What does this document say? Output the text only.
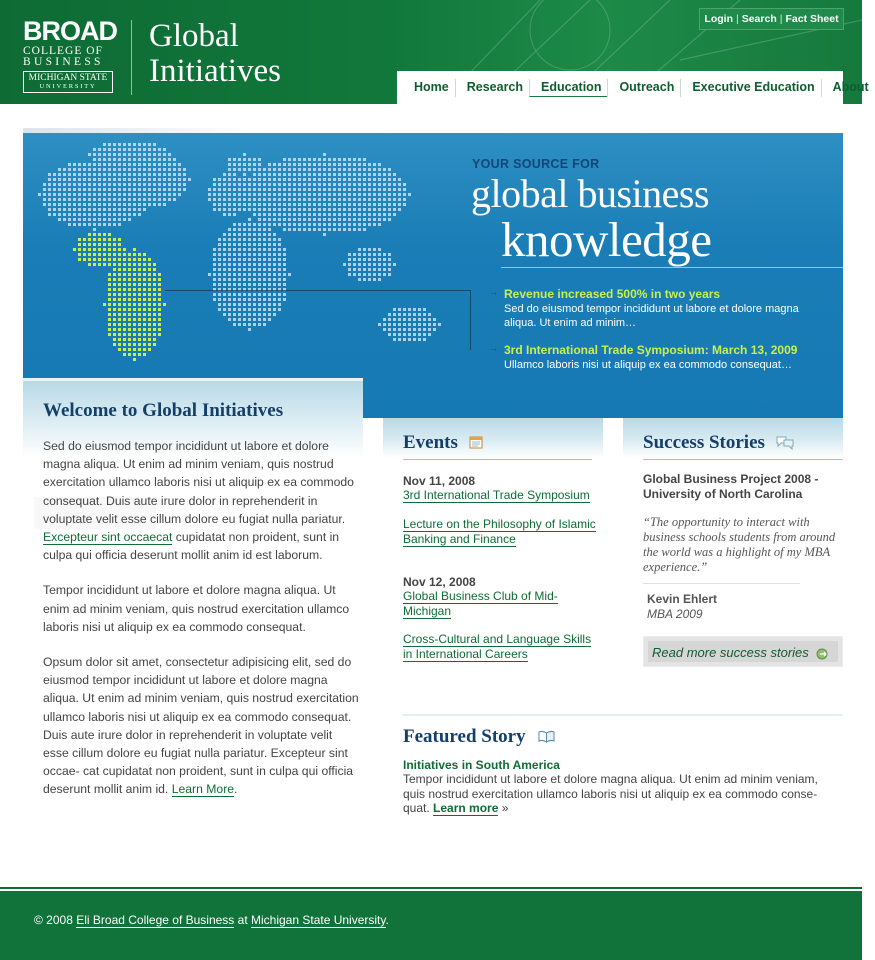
BROAD
COLLEGE OF
BUSINESS
MICHIGAN STATE
UNIVERSITY
Global
Initiatives
Login | Search | Fact Sheet
Home	Research	Education	Outreach	Executive Education	About
YOUR SOURCE FOR
global business
knowledge
→ Revenue increased 500% in two years
Sed do eiusmod tempor incididunt ut labore et dolore magna aliqua. Ut enim ad minim…
→ 3rd International Trade Symposium: March 13, 2009
Ullamco laboris nisi ut aliquip ex ea commodo consequat…
Welcome to Global Initiatives

Sed do eiusmod tempor incididunt ut labore et dolore magna aliqua. Ut enim ad minim veniam, quis nostrud exercitation ullamco laboris nisi ut aliquip ex ea commodo consequat. Duis aute irure dolor in reprehenderit in voluptate velit esse cillum dolore eu fugiat nulla pariatur. Excepteur sint occaecat cupidatat non proident, sunt in culpa qui officia deserunt mollit anim id est laborum.

Tempor incididunt ut labore et dolore magna aliqua. Ut enim ad minim veniam, quis nostrud exercitation ullamco laboris nisi ut aliquip ex ea commodo consequat.

Opsum dolor sit amet, consectetur adipisicing elit, sed do eiusmod tempor incididunt ut labore et dolore magna aliqua. Ut enim ad minim veniam, quis nostrud exercitation ullamco laboris nisi ut aliquip ex ea commodo consequat. Duis aute irure dolor in reprehenderit in voluptate velit esse cillum dolore eu fugiat nulla pariatur. Excepteur sint occae- cat cupidatat non proident, sunt in culpa qui officia deserunt mollit anim id. Learn More.

Events
Nov 11, 2008
3rd International Trade Symposium
Lecture on the Philosophy of Islamic Banking and Finance
Nov 12, 2008
Global Business Club of Mid-Michigan
Cross-Cultural and Language Skills in International Careers
Success Stories
Global Business Project 2008 - University of North Carolina
“The opportunity to interact with business schools students from around the world was a highlight of my MBA experience.”
Kevin Ehlert
MBA 2009
Read more success stories
Featured Story
Initiatives in South America
Tempor incididunt ut labore et dolore magna aliqua. Ut enim ad minim veniam, quis nostrud exercitation ullamco laboris nisi ut aliquip ex ea commodo conse- quat. Learn more »
© 2008 Eli Broad College of Business at Michigan State University.
